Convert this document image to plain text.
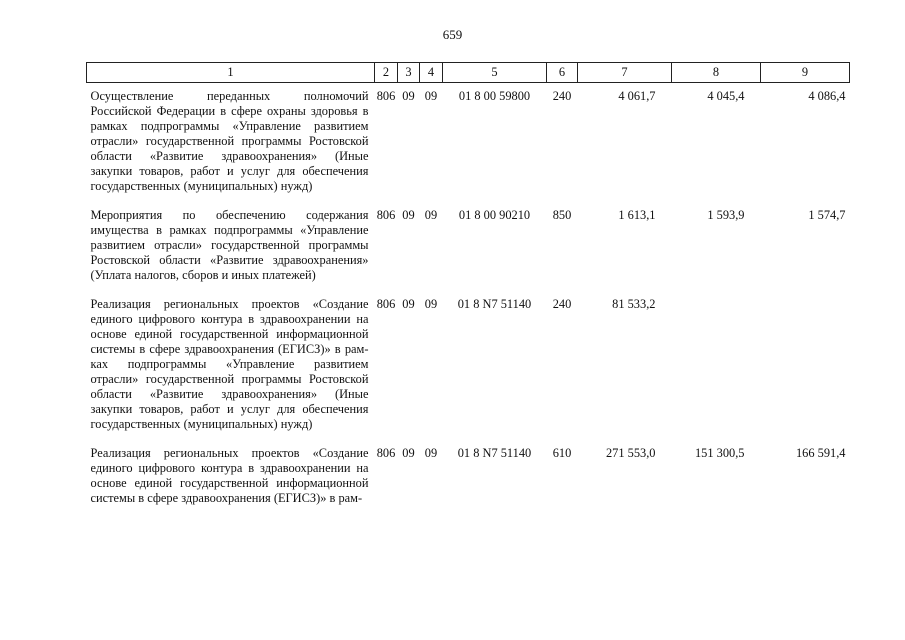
659
1	2	3	4	5	6	7	8	9
Осуществление переданных полномочий Российской Федерации в сфере охраны здоровья в рамках подпрограммы «Управление развитием отрасли» государственной программы Ростовской области «Развитие здравоохранения» (Иные закупки товаров, работ и услуг для обеспечения государственных (муниципальных) нужд)	806	09	09	01 8 00 59800	240	4 061,7	4 045,4	4 086,4
Мероприятия по обеспечению содержания имущества в рамках подпрограммы «Управление развитием отрасли» государственной программы Ростовской области «Развитие здравоохранения» (Уплата налогов, сборов и иных платежей)	806	09	09	01 8 00 90210	850	1 613,1	1 593,9	1 574,7
Реализация региональных проектов «Создание единого цифрового контура в здравоохранении на основе единой государственной информационной системы в сфере здравоохранения (ЕГИСЗ)» в рамках подпрограммы «Управление развитием отрасли» государственной программы Ростовской области «Развитие здравоохранения» (Иные закупки товаров, работ и услуг для обеспечения государственных (муниципальных) нужд)	806	09	09	01 8 N7 51140	240	81 533,2		
Реализация региональных проектов «Создание единого цифрового контура в здравоохранении на основе единой государственной информационной системы в сфере здравоохранения (ЕГИСЗ)» в рам-	806	09	09	01 8 N7 51140	610	271 553,0	151 300,5	166 591,4
